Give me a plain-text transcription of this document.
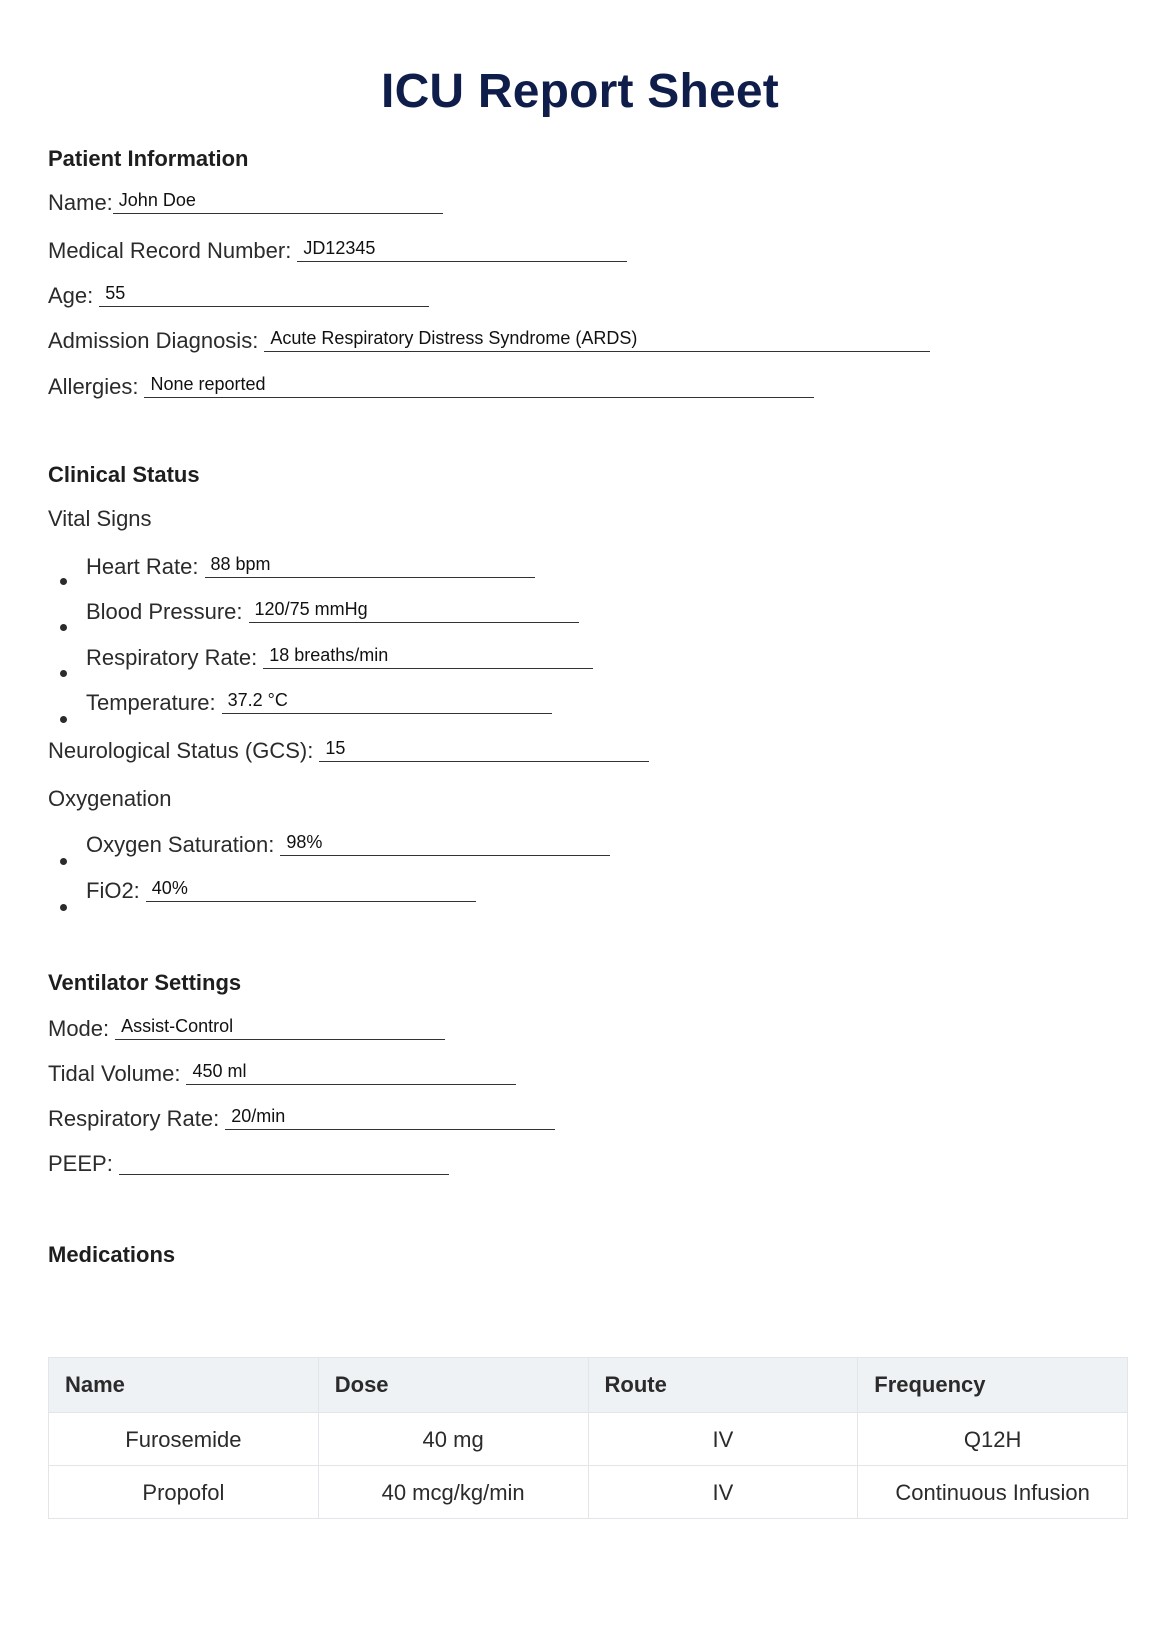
ICU Report Sheet
Patient Information
Name: John Doe
Medical Record Number: JD12345
Age: 55
Admission Diagnosis: Acute Respiratory Distress Syndrome (ARDS)
Allergies: None reported
Clinical Status
Vital Signs
Heart Rate: 88 bpm
Blood Pressure: 120/75 mmHg
Respiratory Rate: 18 breaths/min
Temperature: 37.2 °C
Neurological Status (GCS): 15
Oxygenation
Oxygen Saturation: 98%
FiO2: 40%
Ventilator Settings
Mode: Assist-Control
Tidal Volume: 450 ml
Respiratory Rate: 20/min
PEEP:
Medications
Name	Dose	Route	Frequency
Furosemide	40 mg	IV	Q12H
Propofol	40 mcg/kg/min	IV	Continuous Infusion
